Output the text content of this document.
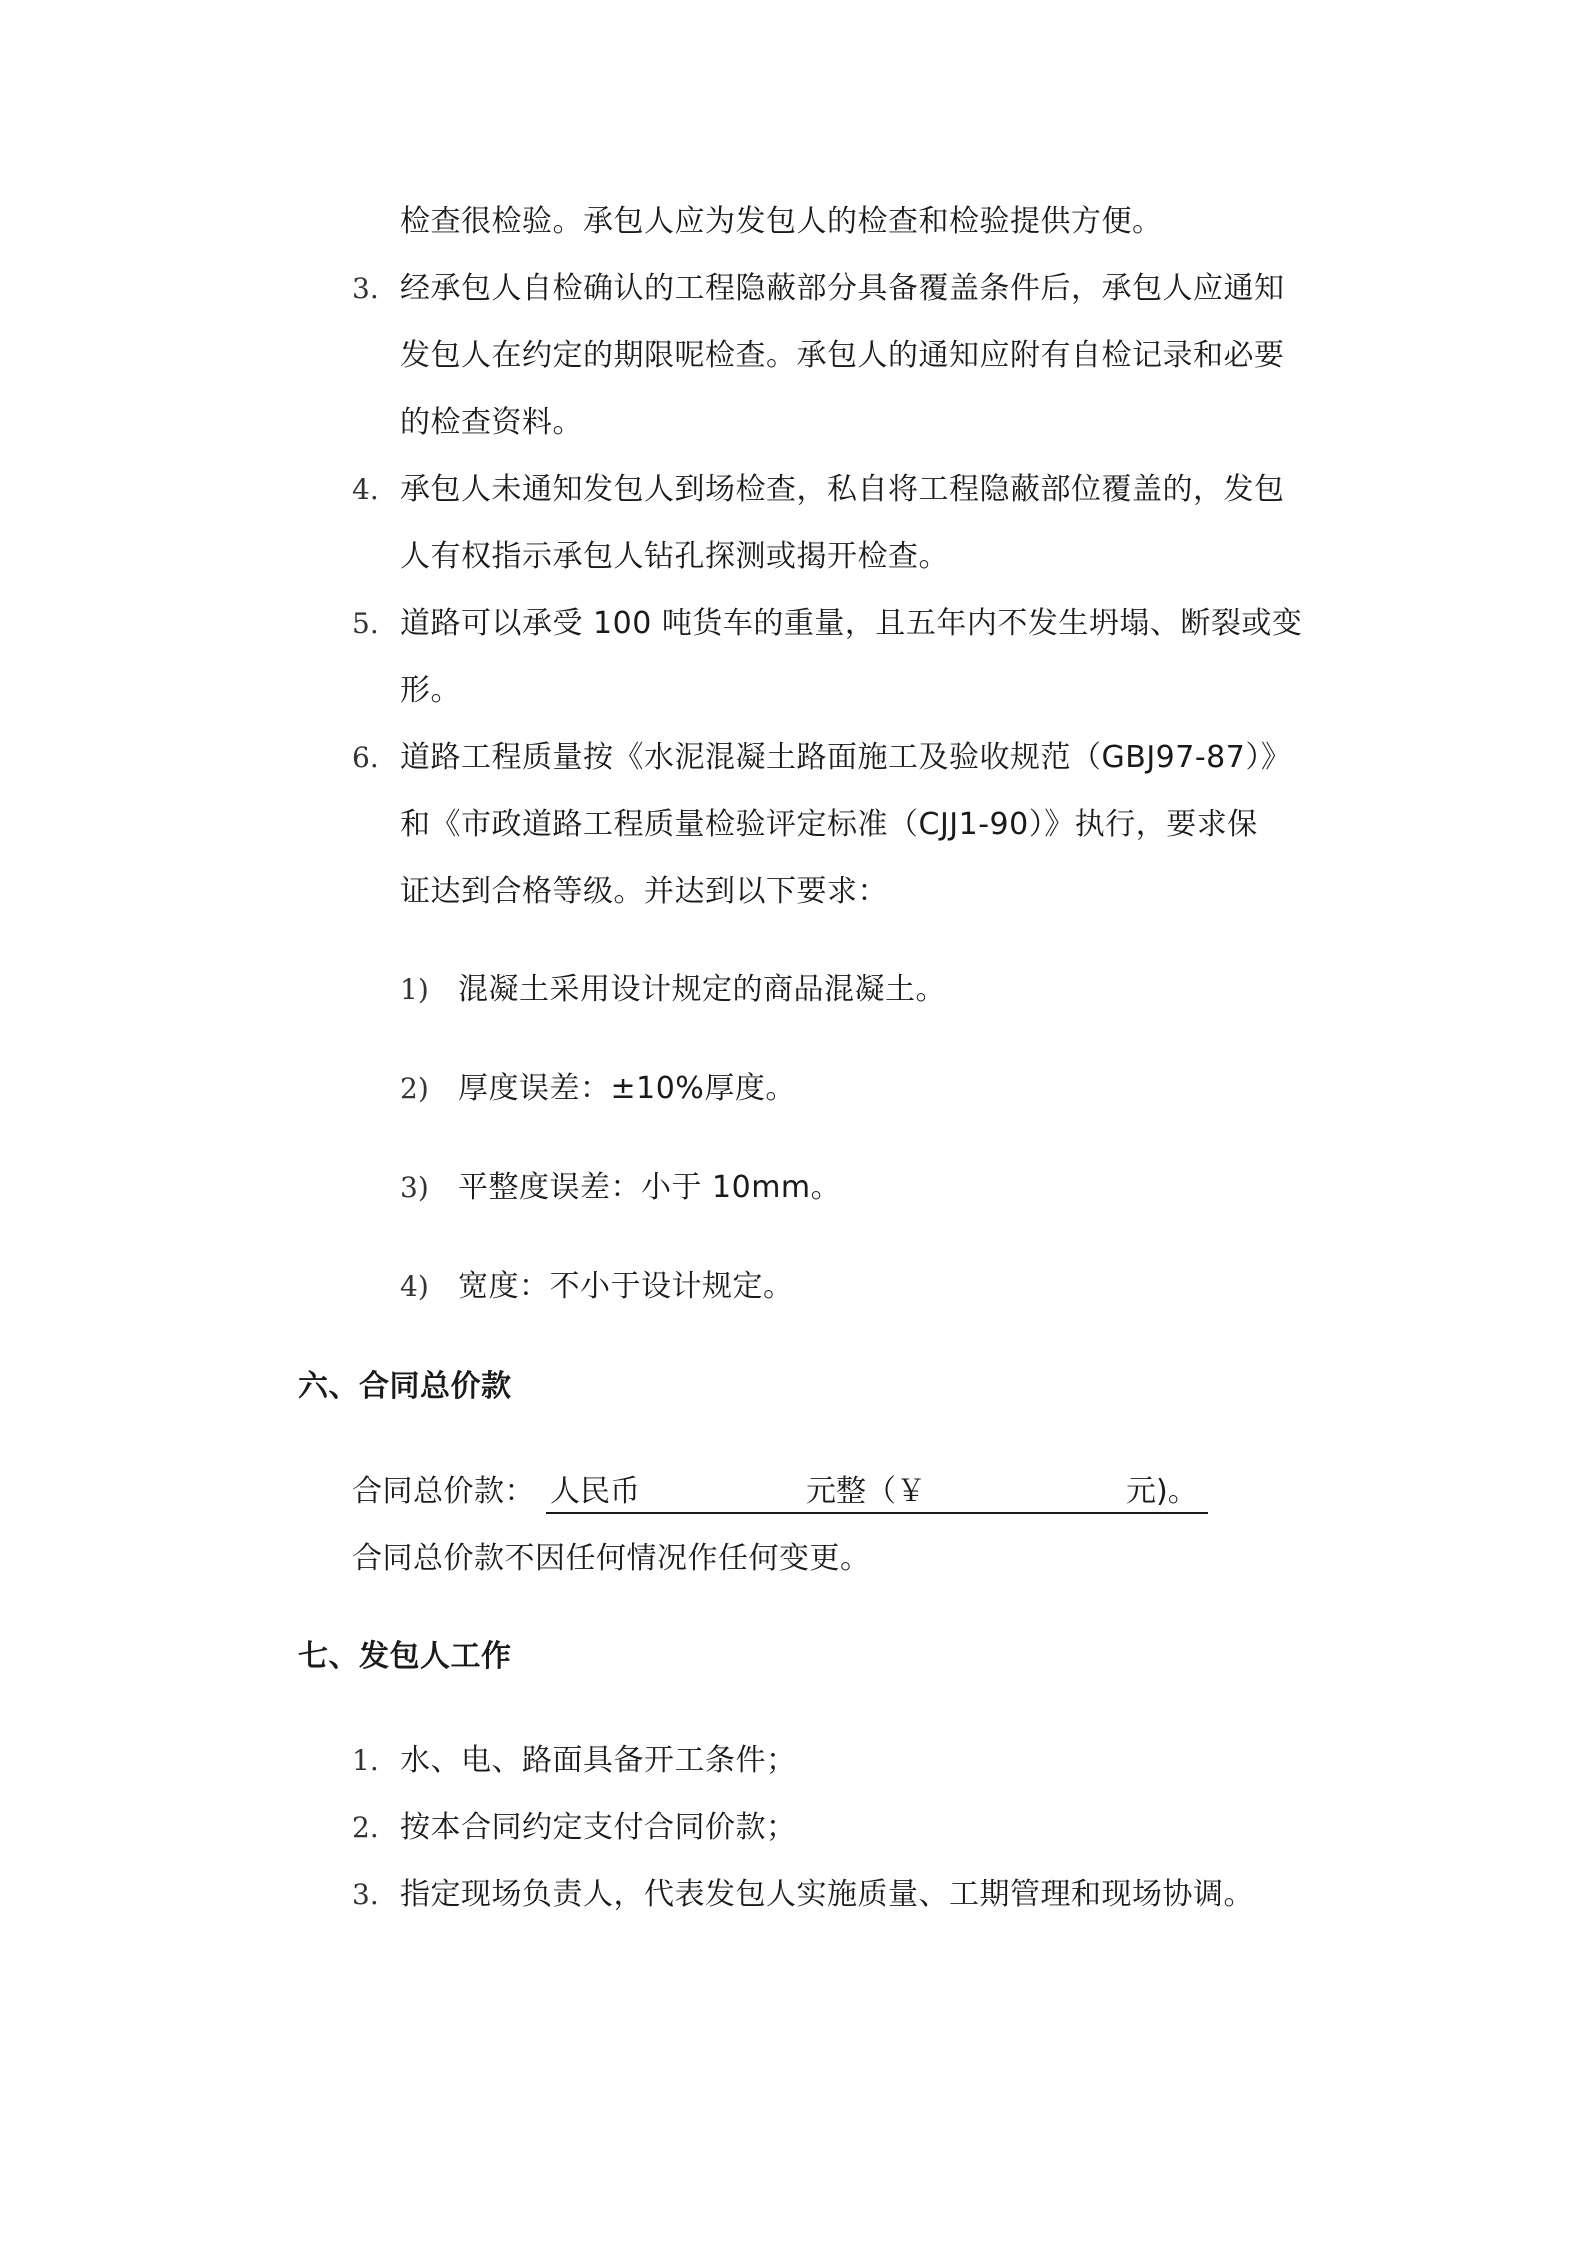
检查很检验。承包人应为发包人的检查和检验提供方便。
3. 经承包人自检确认的工程隐蔽部分具备覆盖条件后，承包人应通知
发包人在约定的期限呢检查。承包人的通知应附有自检记录和必要
的检查资料。
4. 承包人未通知发包人到场检查，私自将工程隐蔽部位覆盖的，发包
人有权指示承包人钻孔探测或揭开检查。
5. 道路可以承受 100 吨货车的重量，且五年内不发生坍塌、断裂或变
形。
6. 道路工程质量按《水泥混凝土路面施工及验收规范（GBJ97-87）》
和《市政道路工程质量检验评定标准（CJJ1-90）》执行，要求保
证达到合格等级。并达到以下要求：
1) 混凝土采用设计规定的商品混凝土。
2) 厚度误差：±10%厚度。
3) 平整度误差：小于 10mm。
4) 宽度：不小于设计规定。
六、合同总价款
合同总价款： 人民币	元整（￥	元)。
合同总价款不因任何情况作任何变更。
七、发包人工作
1. 水、电、路面具备开工条件；
2. 按本合同约定支付合同价款；
3. 指定现场负责人，代表发包人实施质量、工期管理和现场协调。
